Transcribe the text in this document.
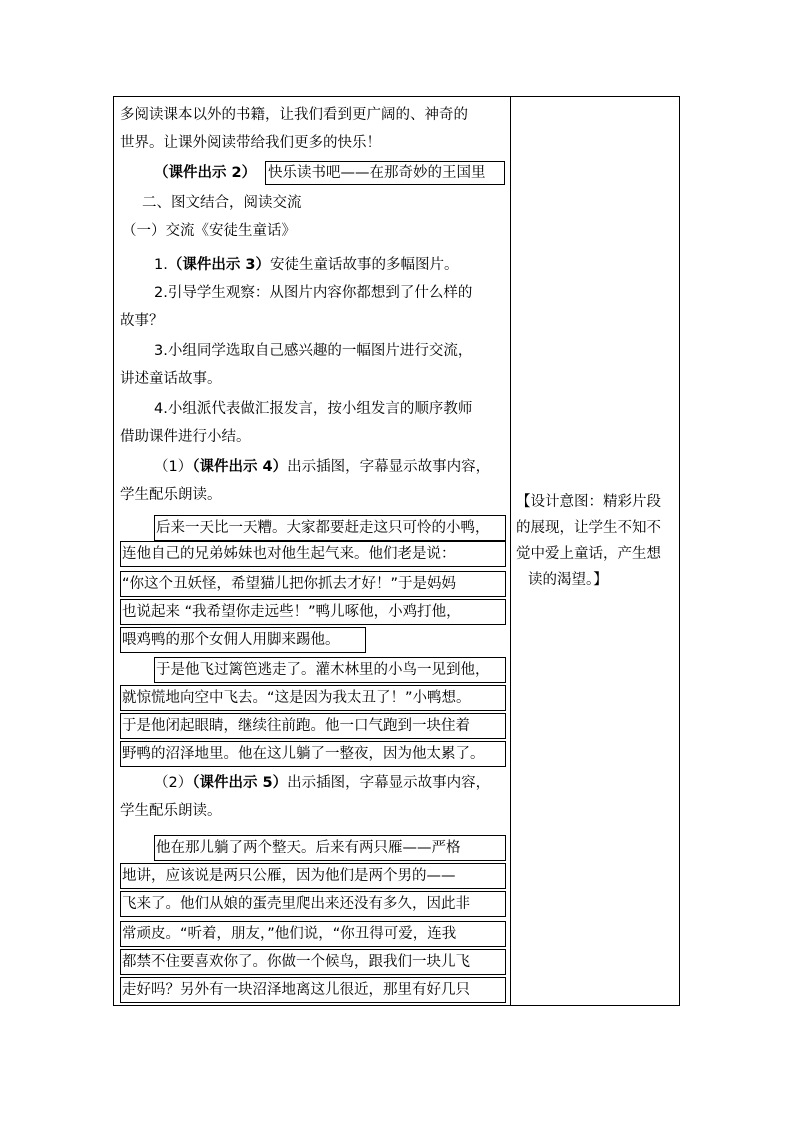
多阅读课本以外的书籍，让我们看到更广阔的、神奇的
世界。让课外阅读带给我们更多的快乐！
（课件出示 2） 快乐读书吧——在那奇妙的王国里
二、图文结合，阅读交流
（一）交流《安徒生童话》
1.（课件出示 3）安徒生童话故事的多幅图片。
2.引导学生观察：从图片内容你都想到了什么样的
故事？
3.小组同学选取自己感兴趣的一幅图片进行交流，
讲述童话故事。
4.小组派代表做汇报发言，按小组发言的顺序教师
借助课件进行小结。
（1）（课件出示 4）出示插图，字幕显示故事内容，
学生配乐朗读。
后来一天比一天糟。大家都要赶走这只可怜的小鸭，
连他自己的兄弟姊妹也对他生起气来。他们老是说：
“你这个丑妖怪，希望猫儿把你抓去才好！”于是妈妈
也说起来 “我希望你走远些！”鸭儿啄他，小鸡打他，
喂鸡鸭的那个女佣人用脚来踢他。
于是他飞过篱笆逃走了。灌木林里的小鸟一见到他，
就惊慌地向空中飞去。“这是因为我太丑了！”小鸭想。
于是他闭起眼睛，继续往前跑。他一口气跑到一块住着
野鸭的沼泽地里。他在这儿躺了一整夜，因为他太累了。
（2）（课件出示 5）出示插图，字幕显示故事内容，
学生配乐朗读。
他在那儿躺了两个整天。后来有两只雁——严格
地讲，应该说是两只公雁，因为他们是两个男的——
飞来了。他们从娘的蛋壳里爬出来还没有多久，因此非
常顽皮。“听着，朋友，”他们说，“你丑得可爱，连我
都禁不住要喜欢你了。你做一个候鸟，跟我们一块儿飞
走好吗？另外有一块沼泽地离这儿很近，那里有好几只
【设计意图：精彩片段
的展现，让学生不知不
觉中爱上童话，产生想
读的渴望。】
